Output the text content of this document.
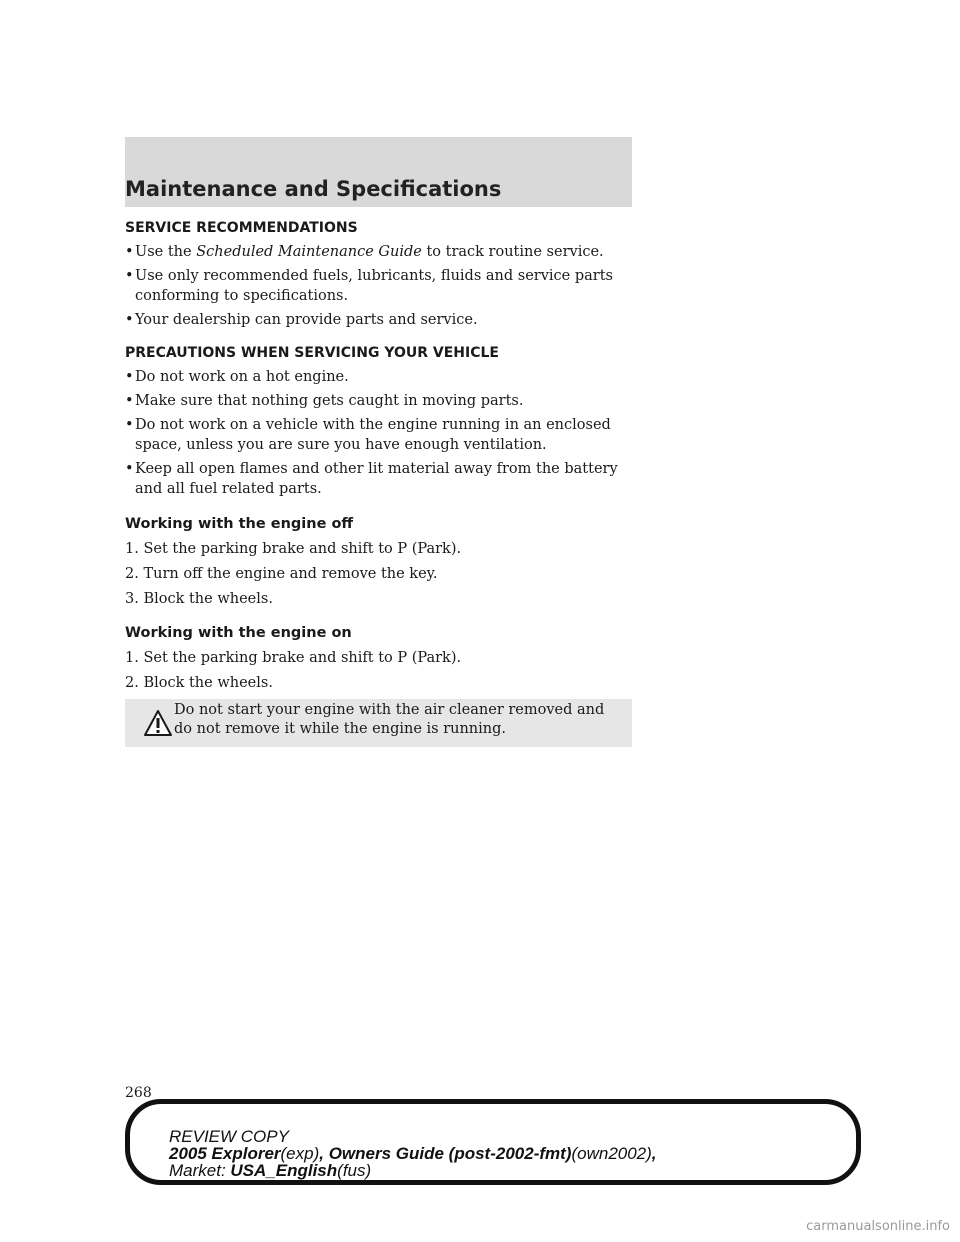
Maintenance and Specifications
SERVICE RECOMMENDATIONS
• Use the Scheduled Maintenance Guide to track routine service.
• Use only recommended fuels, lubricants, fluids and service parts conforming to specifications.
• Your dealership can provide parts and service.
PRECAUTIONS WHEN SERVICING YOUR VEHICLE
• Do not work on a hot engine.
• Make sure that nothing gets caught in moving parts.
• Do not work on a vehicle with the engine running in an enclosed space, unless you are sure you have enough ventilation.
• Keep all open flames and other lit material away from the battery and all fuel related parts.
Working with the engine off

1. Set the parking brake and shift to P (Park).

2. Turn off the engine and remove the key.

3. Block the wheels.

Working with the engine on

1. Set the parking brake and shift to P (Park).

2. Block the wheels.

Do not start your engine with the air cleaner removed and do not remove it while the engine is running.

268

REVIEW COPY
2005 Explorer(exp), Owners Guide (post-2002-fmt)(own2002),
Market: USA_English(fus)
carmanualsonline.info
